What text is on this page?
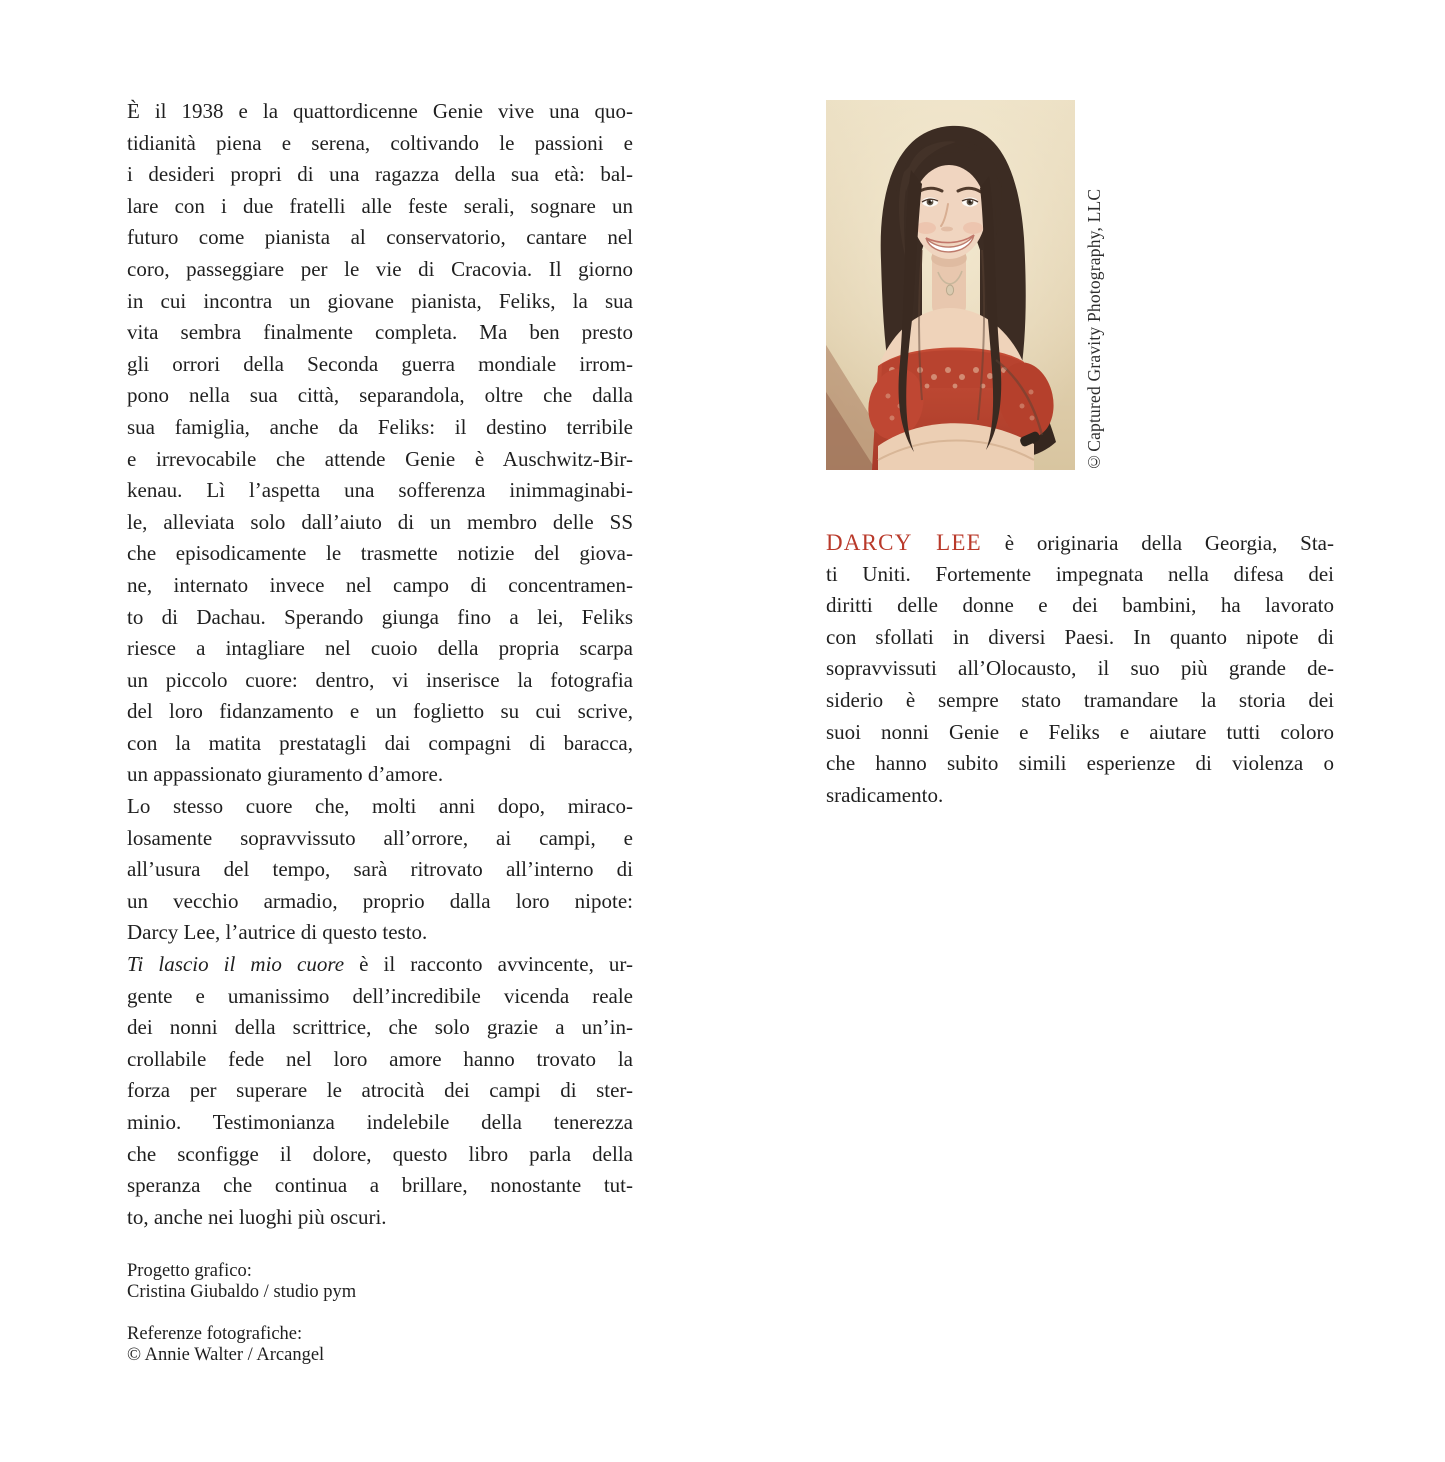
È il 1938 e la quattordicenne Genie vive una quo-
tidianità piena e serena, coltivando le passioni e
i desideri propri di una ragazza della sua età: bal-
lare con i due fratelli alle feste serali, sognare un
futuro come pianista al conservatorio, cantare nel
coro, passeggiare per le vie di Cracovia. Il giorno
in cui incontra un giovane pianista, Feliks, la sua
vita sembra finalmente completa. Ma ben presto
gli orrori della Seconda guerra mondiale irrom-
pono nella sua città, separandola, oltre che dalla
sua famiglia, anche da Feliks: il destino terribile
e irrevocabile che attende Genie è Auschwitz-Bir-
kenau. Lì l’aspetta una sofferenza inimmaginabi-
le, alleviata solo dall’aiuto di un membro delle SS
che episodicamente le trasmette notizie del giova-
ne, internato invece nel campo di concentramen-
to di Dachau. Sperando giunga fino a lei, Feliks
riesce a intagliare nel cuoio della propria scarpa
un piccolo cuore: dentro, vi inserisce la fotografia
del loro fidanzamento e un foglietto su cui scrive,
con la matita prestatagli dai compagni di baracca,
un appassionato giuramento d’amore.
Lo stesso cuore che, molti anni dopo, miraco-
losamente sopravvissuto all’orrore, ai campi, e
all’usura del tempo, sarà ritrovato all’interno di
un vecchio armadio, proprio dalla loro nipote:
Darcy Lee, l’autrice di questo testo.
Ti lascio il mio cuore è il racconto avvincente, ur-
gente e umanissimo dell’incredibile vicenda reale
dei nonni della scrittrice, che solo grazie a un’in-
crollabile fede nel loro amore hanno trovato la
forza per superare le atrocità dei campi di ster-
minio. Testimonianza indelebile della tenerezza
che sconfigge il dolore, questo libro parla della
speranza che continua a brillare, nonostante tut-
to, anche nei luoghi più oscuri.
©Captured Gravity Photography, LLC
DARCY LEE è originaria della Georgia, Sta-
ti Uniti. Fortemente impegnata nella difesa dei
diritti delle donne e dei bambini, ha lavorato
con sfollati in diversi Paesi. In quanto nipote di
sopravvissuti all’Olocausto, il suo più grande de-
siderio è sempre stato tramandare la storia dei
suoi nonni Genie e Feliks e aiutare tutti coloro
che hanno subito simili esperienze di violenza o
sradicamento.
Progetto grafico:
Cristina Giubaldo / studio pym
Referenze fotografiche:
© Annie Walter / Arcangel
